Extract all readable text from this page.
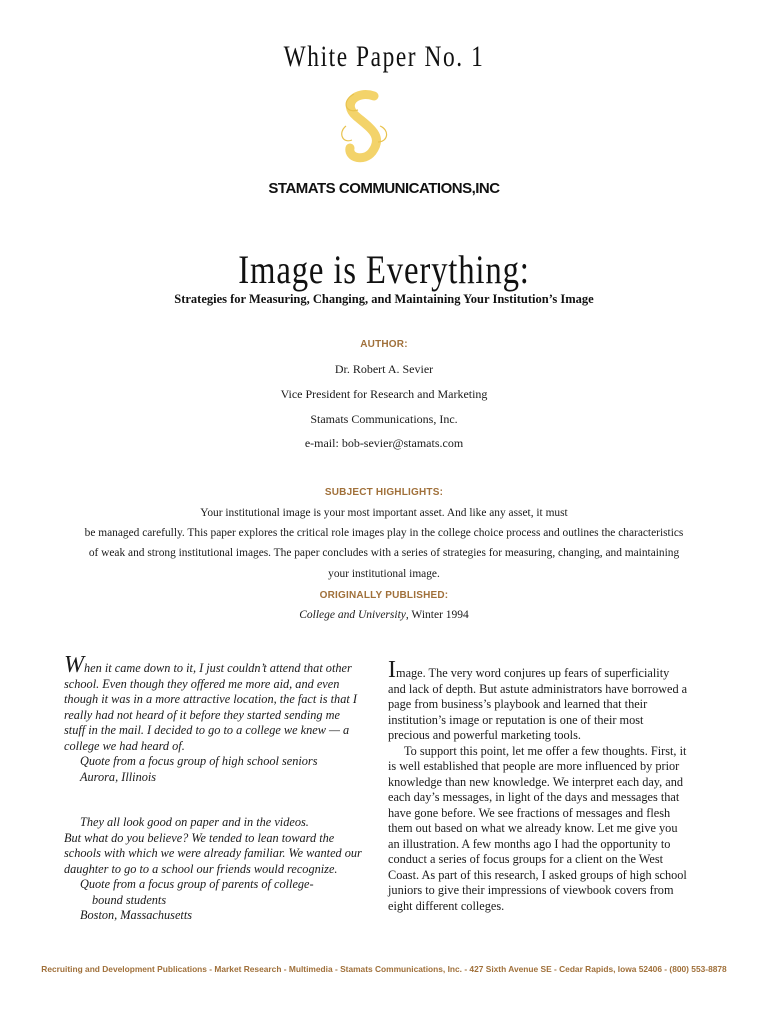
White Paper No. 1
STAMATS COMMUNICATIONS,INC
Image is Everything:
Strategies for Measuring, Changing, and Maintaining Your Institution’s Image
AUTHOR:
Dr. Robert A. Sevier
Vice President for Research and Marketing
Stamats Communications, Inc.
e-mail: bob-sevier@stamats.com
SUBJECT HIGHLIGHTS:
Your institutional image is your most important asset. And like any asset, it must
be managed carefully. This paper explores the critical role images play in the college choice process and outlines the characteristics
of weak and strong institutional images. The paper concludes with a series of strategies for measuring, changing, and maintaining
your institutional image.
ORIGINALLY PUBLISHED:
College and University, Winter 1994

When it came down to it, I just couldn’t attend that other school. Even though they offered me more aid, and even though it was in a more attractive location, the fact is that I really had not heard of it before they started sending me stuff in the mail. I decided to go to a college we knew — a college we had heard of.

Quote from a focus group of high school seniors

Aurora, Illinois

They all look good on paper and in the videos.

But what do you believe? We tended to lean toward the schools with which we were already familiar. We wanted our daughter to go to a school our friends would recognize.

Quote from a focus group of parents of college-

bound students

Boston, Massachusetts

Image. The very word conjures up fears of superficiality and lack of depth. But astute administrators have borrowed a page from business’s playbook and learned that their institution’s image or reputation is one of their most precious and powerful marketing tools.

To support this point, let me offer a few thoughts. First, it is well established that people are more influenced by prior knowledge than new knowledge. We interpret each day, and each day’s messages, in light of the days and messages that have gone before. We see fractions of messages and flesh them out based on what we already know. Let me give you an illustration. A few months ago I had the opportunity to conduct a series of focus groups for a client on the West Coast. As part of this research, I asked groups of high school juniors to give their impressions of viewbook covers from eight different colleges.

Recruiting and Development Publications - Market Research - Multimedia - Stamats Communications, Inc. - 427 Sixth Avenue SE - Cedar Rapids, Iowa 52406 - (800) 553-8878
